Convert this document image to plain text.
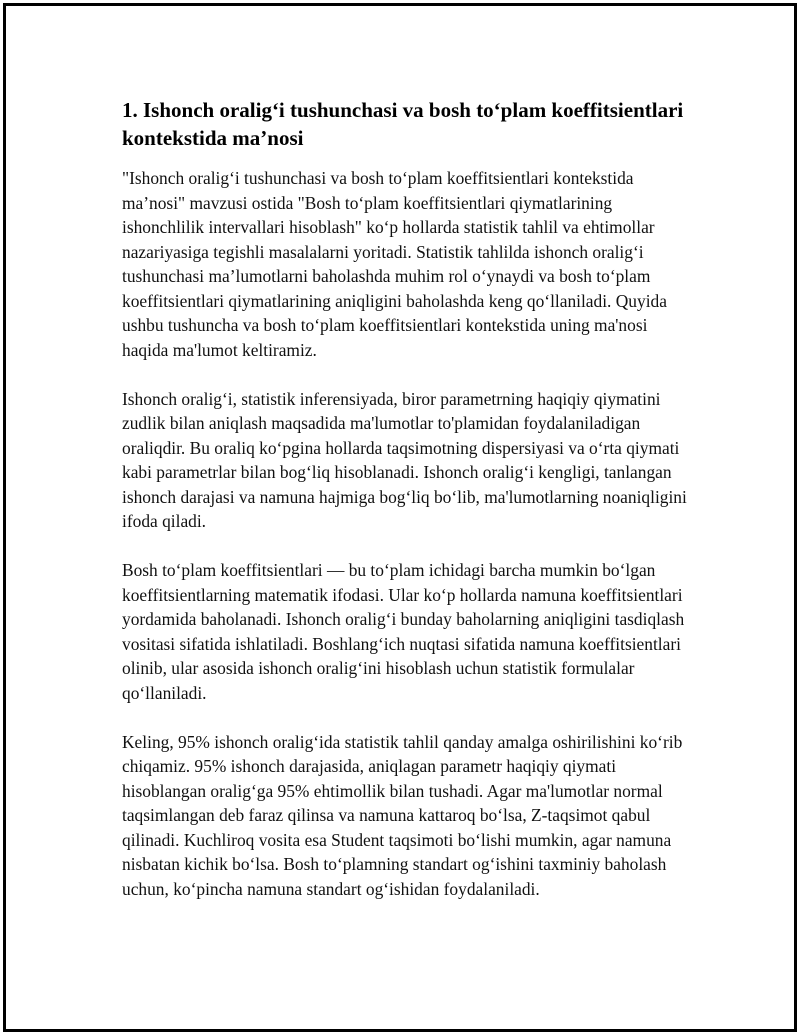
1. Ishonch oralig‘i tushunchasi va bosh to‘plam koeffitsientlari kontekstida ma’nosi

"Ishonch oralig‘i tushunchasi va bosh to‘plam koeffitsientlari kontekstida ma’nosi" mavzusi ostida "Bosh to‘plam koeffitsientlari qiymatlarining ishonchlilik intervallari hisoblash" ko‘p hollarda statistik tahlil va ehtimollar nazariyasiga tegishli masalalarni yoritadi. Statistik tahlilda ishonch oralig‘i tushunchasi ma’lumotlarni baholashda muhim rol o‘ynaydi va bosh to‘plam koeffitsientlari qiymatlarining aniqligini baholashda keng qo‘llaniladi. Quyida ushbu tushuncha va bosh to‘plam koeffitsientlari kontekstida uning ma'nosi haqida ma'lumot keltiramiz.

Ishonch oralig‘i, statistik inferensiyada, biror parametrning haqiqiy qiymatini zudlik bilan aniqlash maqsadida ma'lumotlar to'plamidan foydalaniladigan oraliqdir. Bu oraliq ko‘pgina hollarda taqsimotning dispersiyasi va o‘rta qiymati kabi parametrlar bilan bog‘liq hisoblanadi. Ishonch oralig‘i kengligi, tanlangan ishonch darajasi va namuna hajmiga bog‘liq bo‘lib, ma'lumotlarning noaniqligini ifoda qiladi.

Bosh to‘plam koeffitsientlari — bu to‘plam ichidagi barcha mumkin bo‘lgan koeffitsientlarning matematik ifodasi. Ular ko‘p hollarda namuna koeffitsientlari yordamida baholanadi. Ishonch oralig‘i bunday baholarning aniqligini tasdiqlash vositasi sifatida ishlatiladi. Boshlang‘ich nuqtasi sifatida namuna koeffitsientlari olinib, ular asosida ishonch oralig‘ini hisoblash uchun statistik formulalar qo‘llaniladi.

Keling, 95% ishonch oralig‘ida statistik tahlil qanday amalga oshirilishini ko‘rib chiqamiz. 95% ishonch darajasida, aniqlagan parametr haqiqiy qiymati hisoblangan oralig‘ga 95% ehtimollik bilan tushadi. Agar ma'lumotlar normal taqsimlangan deb faraz qilinsa va namuna kattaroq bo‘lsa, Z-taqsimot qabul qilinadi. Kuchliroq vosita esa Student taqsimoti bo‘lishi mumkin, agar namuna nisbatan kichik bo‘lsa. Bosh to‘plamning standart og‘ishini taxminiy baholash uchun, ko‘pincha namuna standart og‘ishidan foydalaniladi.
